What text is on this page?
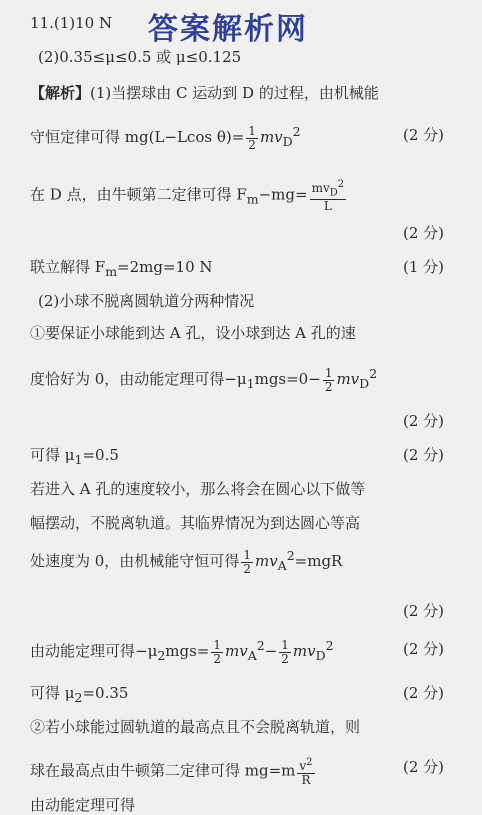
答案解析网
11.(1)10 N
(2)0.35≤μ≤0.5 或 μ≤0.125
【解析】(1)当摆球由 C 运动到 D 的过程，由机械能
守恒定律可得 mg(L−Lcos $\theta)= \frac{1}{2} mv_D^2$	(2 分)
在 D 点，由牛顿第二定律可得 $F_m-mg= \frac{mv_D^2}{L}$
(2 分)
联立解得 $F_m=2mg=10$ N	(1 分)
(2)小球不脱离圆轨道分两种情况
①要保证小球能到达 A 孔，设小球到达 A 孔的速
度恰好为 0，由动能定理可得$-\mu_1mgs=0- \frac{1}{2} mv_D^2$
(2 分)
可得 $\mu_1=0.5$	(2 分)
若进入 A 孔的速度较小，那么将会在圆心以下做等
幅摆动，不脱离轨道。其临界情况为到达圆心等高
处速度为 0，由机械能守恒可得 $\frac{1}{2} mv_A^2=mgR$
(2 分)
由动能定理可得$-\mu_2mgs= \frac{1}{2} mv_A^2- \frac{1}{2} mv_D^2$	(2 分)
可得 $\mu_2=0.35$	(2 分)
②若小球能过圆轨道的最高点且不会脱离轨道，则
球在最高点由牛顿第二定律可得 $mg=m \frac{v^2}{R}$	(2 分)
由动能定理可得
